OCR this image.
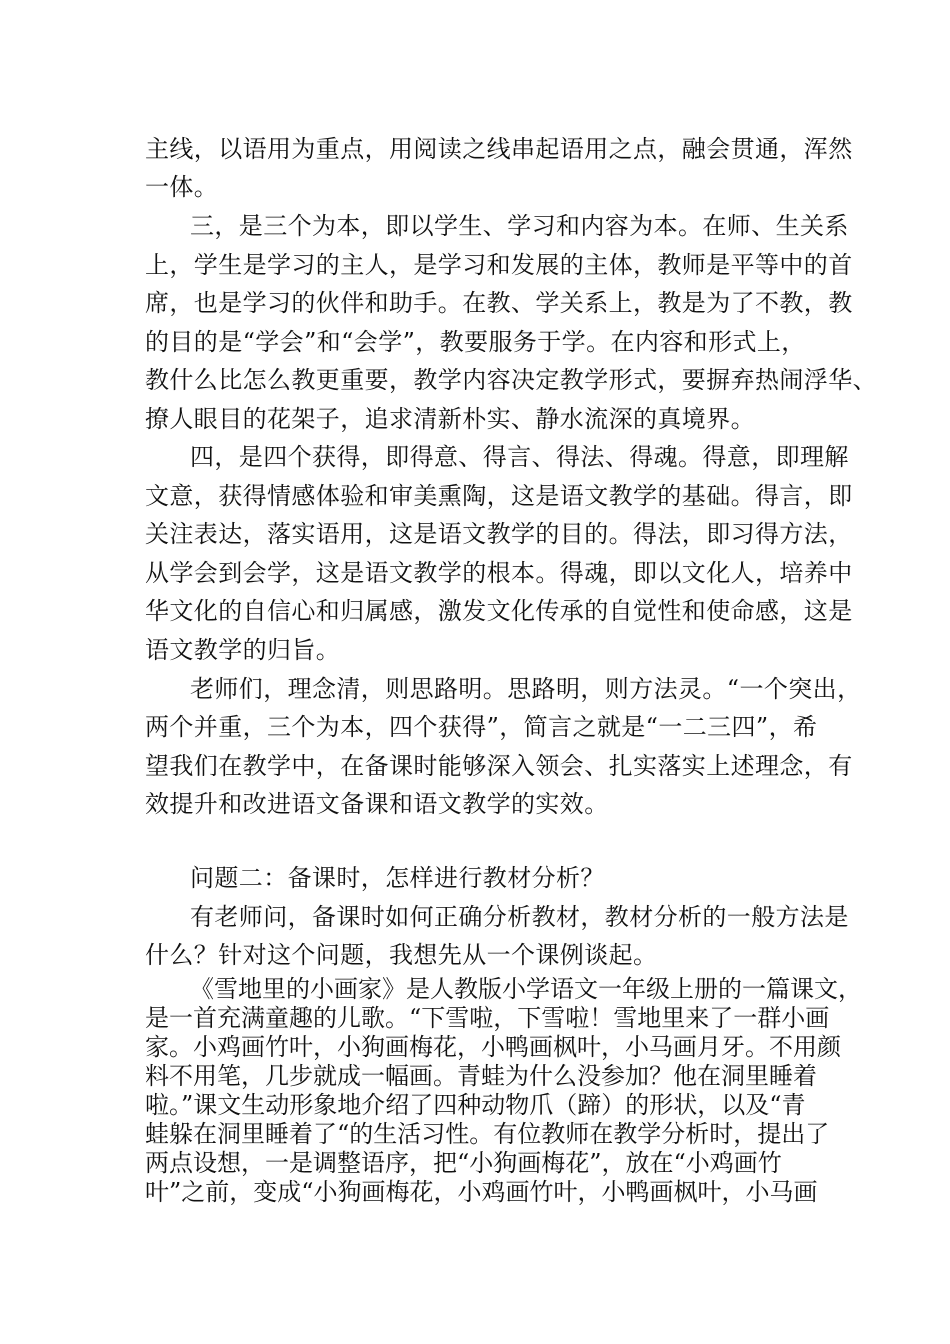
主线，以语用为重点，用阅读之线串起语用之点，融会贯通，浑然
一体。
三，是三个为本，即以学生、学习和内容为本。在师、生关系
上，学生是学习的主人，是学习和发展的主体，教师是平等中的首
席，也是学习的伙伴和助手。在教、学关系上，教是为了不教，教
的目的是“学会”和“会学”，教要服务于学。在内容和形式上，
教什么比怎么教更重要，教学内容决定教学形式，要摒弃热闹浮华、
撩人眼目的花架子，追求清新朴实、静水流深的真境界。
四，是四个获得，即得意、得言、得法、得魂。得意，即理解
文意，获得情感体验和审美熏陶，这是语文教学的基础。得言，即
关注表达，落实语用，这是语文教学的目的。得法，即习得方法，
从学会到会学，这是语文教学的根本。得魂，即以文化人，培养中
华文化的自信心和归属感，激发文化传承的自觉性和使命感，这是
语文教学的归旨。
老师们，理念清，则思路明。思路明，则方法灵。“一个突出，
两个并重，三个为本，四个获得”，简言之就是“一二三四”，希
望我们在教学中，在备课时能够深入领会、扎实落实上述理念，有
效提升和改进语文备课和语文教学的实效。
问题二：备课时，怎样进行教材分析？
有老师问，备课时如何正确分析教材，教材分析的一般方法是
什么？针对这个问题，我想先从一个课例谈起。
《雪地里的小画家》是人教版小学语文一年级上册的一篇课文，
是一首充满童趣的儿歌。“下雪啦，下雪啦！雪地里来了一群小画
家。小鸡画竹叶，小狗画梅花，小鸭画枫叶，小马画月牙。不用颜
料不用笔，几步就成一幅画。青蛙为什么没参加？他在洞里睡着
啦。”课文生动形象地介绍了四种动物爪（蹄）的形状，以及“青
蛙躲在洞里睡着了“的生活习性。有位教师在教学分析时，提出了
两点设想，一是调整语序，把“小狗画梅花”，放在“小鸡画竹
叶”之前，变成“小狗画梅花，小鸡画竹叶，小鸭画枫叶，小马画
